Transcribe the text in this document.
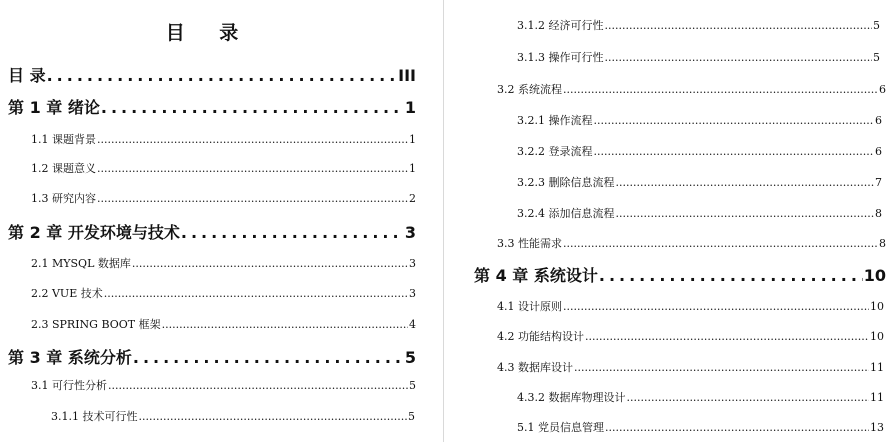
目 录
目 录 .....	III
第 1 章 绪论 .....	1
1.1 课题背景 .....	1
1.2 课题意义 .....	1
1.3 研究内容 .....	2
第 2 章 开发环境与技术 .....	3
2.1 MYSQL 数据库 .....	3
2.2 VUE 技术 .....	3
2.3 SPRING BOOT 框架 .....	4
第 3 章 系统分析 .....	5
3.1 可行性分析 .....	5
3.1.1 技术可行性 .....	5
3.1.2 经济可行性 .....	5
3.1.3 操作可行性 .....	5
3.2 系统流程 .....	6
3.2.1 操作流程 .....	6
3.2.2 登录流程 .....	6
3.2.3 删除信息流程 .....	7
3.2.4 添加信息流程 .....	8
3.3 性能需求 .....	8
第 4 章 系统设计 .....	10
4.1 设计原则 .....	10
4.2 功能结构设计 .....	10
4.3 数据库设计 .....	11
4.3.2 数据库物理设计 .....	11
5.1 党员信息管理 .....	13
